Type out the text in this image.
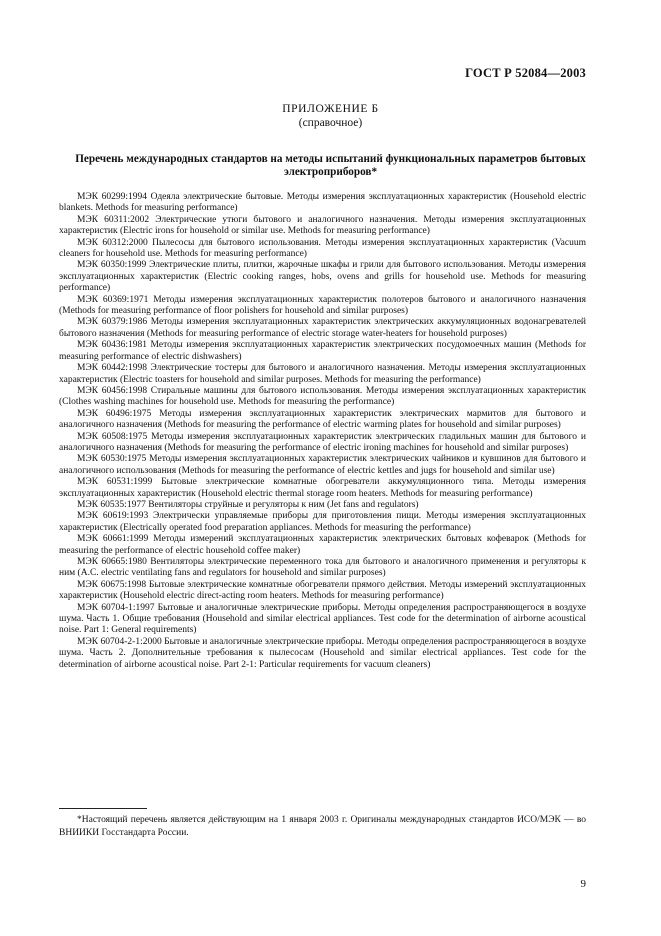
ГОСТ Р 52084—2003
ПРИЛОЖЕНИЕ Б
(справочное)
Перечень международных стандартов на методы испытаний функциональных параметров бытовых электроприборов*

МЭК 60299:1994 Одеяла электрические бытовые. Методы измерения эксплуатационных характеристик (Household electric blankets. Methods for measuring performance)

МЭК 60311:2002 Электрические утюги бытового и аналогичного назначения. Методы измерения эксплуатационных характеристик (Electric irons for household or similar use. Methods for measuring performance)

МЭК 60312:2000 Пылесосы для бытового использования. Методы измерения эксплуатационных характеристик (Vacuum cleaners for household use. Methods for measuring performance)

МЭК 60350:1999 Электрические плиты, плитки, жарочные шкафы и грили для бытового использования. Методы измерения эксплуатационных характеристик (Electric cooking ranges, hobs, ovens and grills for household use. Methods for measuring performance)

МЭК 60369:1971 Методы измерения эксплуатационных характеристик полотеров бытового и аналогичного назначения (Methods for measuring performance of floor polishers for household and similar purposes)

МЭК 60379:1986 Методы измерения эксплуатационных характеристик электрических аккумуляционных водонагревателей бытового назначения (Methods for measuring performance of electric storage water-heaters for household purposes)

МЭК 60436:1981 Методы измерения эксплуатационных характеристик электрических посудомоечных машин (Methods for measuring performance of electric dishwashers)

МЭК 60442:1998 Электрические тостеры для бытового и аналогичного назначения. Методы измерения эксплуатационных характеристик (Electric toasters for household and similar purposes. Methods for measuring the performance)

МЭК 60456:1998 Стиральные машины для бытового использования. Методы измерения эксплуатационных характеристик (Clothes washing machines for household use. Methods for measuring the performance)

МЭК 60496:1975 Методы измерения эксплуатационных характеристик электрических мармитов для бытового и аналогичного назначения (Methods for measuring the performance of electric warming plates for household and similar purposes)

МЭК 60508:1975 Методы измерения эксплуатационных характеристик электрических гладильных машин для бытового и аналогичного назначения (Methods for measuring the performance of electric ironing machines for household and similar purposes)

МЭК 60530:1975 Методы измерения эксплуатационных характеристик электрических чайников и кувшинов для бытового и аналогичного использования (Methods for measuring the performance of electric kettles and jugs for household and similar use)

МЭК 60531:1999 Бытовые электрические комнатные обогреватели аккумуляционного типа. Методы измерения эксплуатационных характеристик (Household electric thermal storage room heaters. Methods for measuring performance)

МЭК 60535:1977 Вентиляторы струйные и регуляторы к ним (Jet fans and regulators)

МЭК 60619:1993 Электрически управляемые приборы для приготовления пищи. Методы измерения эксплуатационных характеристик (Electrically operated food preparation appliances. Methods for measuring the performance)

МЭК 60661:1999 Методы измерений эксплуатационных характеристик электрических бытовых кофеварок (Methods for measuring the performance of electric household coffee maker)

МЭК 60665:1980 Вентиляторы электрические переменного тока для бытового и аналогичного применения и регуляторы к ним (A.C. electric ventilating fans and regulators for household and similar purposes)

МЭК 60675:1998 Бытовые электрические комнатные обогреватели прямого действия. Методы измерений эксплуатационных характеристик (Household electric direct-acting room heaters. Methods for measuring performance)

МЭК 60704-1:1997 Бытовые и аналогичные электрические приборы. Методы определения распространяющегося в воздухе шума. Часть 1. Общие требования (Household and similar electrical appliances. Test code for the determination of airborne acoustical noise. Part 1: General requirements)

МЭК 60704-2-1:2000 Бытовые и аналогичные электрические приборы. Методы определения распространяющегося в воздухе шума. Часть 2. Дополнительные требования к пылесосам (Household and similar electrical appliances. Test code for the determination of airborne acoustical noise. Part 2-1: Particular requirements for vacuum cleaners)

*Настоящий перечень является действующим на 1 января 2003 г. Оригиналы международных стандартов ИСО/МЭК — во ВНИИКИ Госстандарта России.
9
